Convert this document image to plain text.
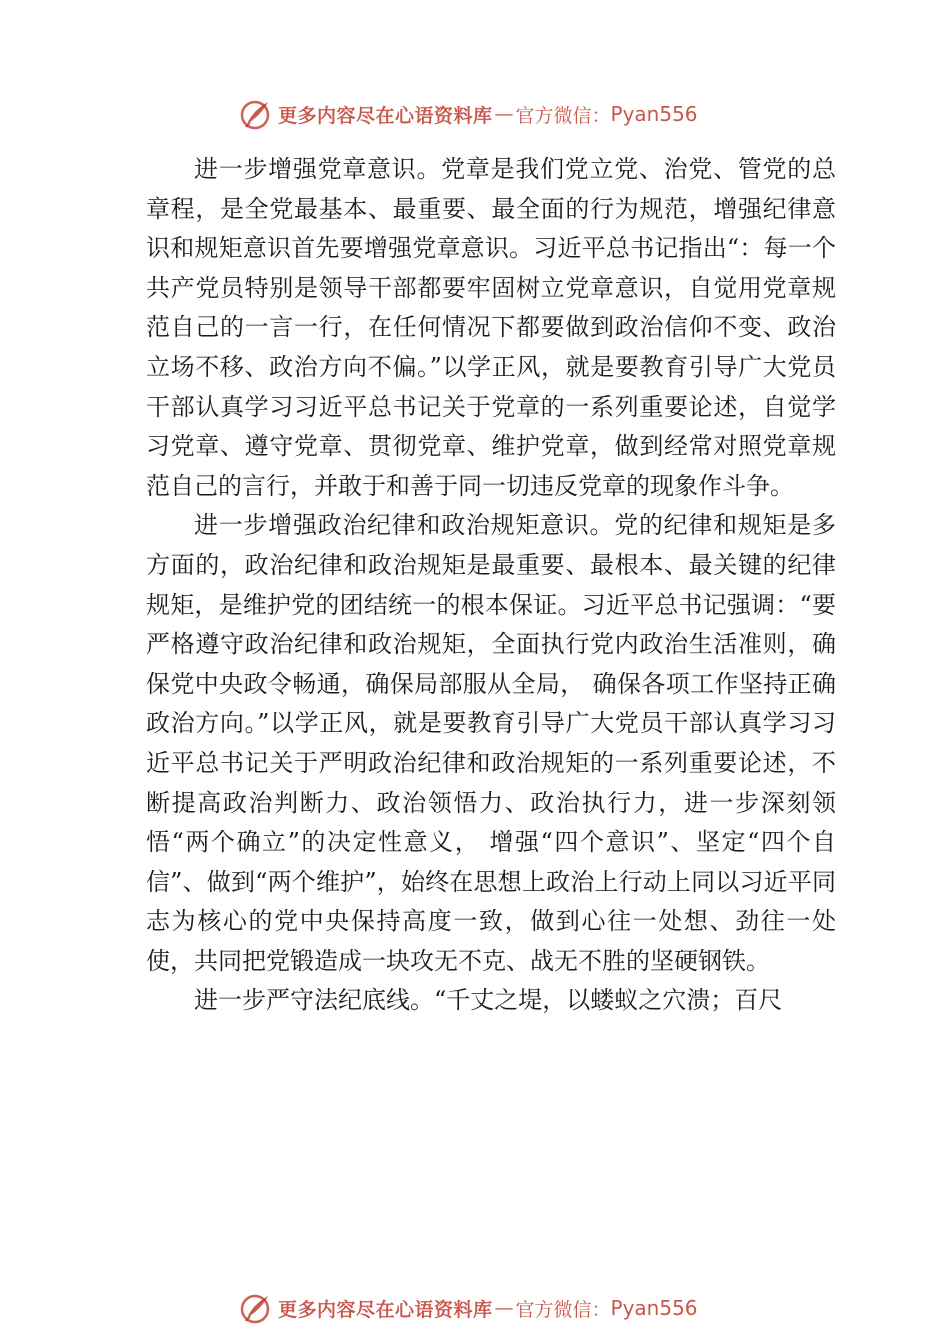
更多内容尽在心语资料库 — 官方微信： Pyan556

进一步增强党章意识。党章是我们党立党、治党、管党的总章程，是全党最基本、最重要、最全面的行为规范，增强纪律意识和规矩意识首先要增强党章意识。习近平总书记指出“：每一个共产党员特别是领导干部都要牢固树立党章意识，自觉用党章规范自己的一言一行，在任何情况下都要做到政治信仰不变、政治立场不移、政治方向不偏。”以学正风，就是要教育引导广大党员干部认真学习习近平总书记关于党章的一系列重要论述，自觉学习党章、遵守党章、贯彻党章、维护党章，做到经常对照党章规范自己的言行，并敢于和善于同一切违反党章的现象作斗争。

进一步增强政治纪律和政治规矩意识。党的纪律和规矩是多方面的，政治纪律和政治规矩是最重要、最根本、最关键的纪律规矩，是维护党的团结统一的根本保证。习近平总书记强调：“要严格遵守政治纪律和政治规矩，全面执行党内政治生活准则，确保党中央政令畅通，确保局部服从全局， 确保各项工作坚持正确政治方向。”以学正风，就是要教育引导广大党员干部认真学习习近平总书记关于严明政治纪律和政治规矩的一系列重要论述，不断提高政治判断力、政治领悟力、政治执行力，进一步深刻领悟“两个确立”的决定性意义， 增强“四个意识”、坚定“四个自信”、做到“两个维护”，始终在思想上政治上行动上同以习近平同志为核心的党中央保持高度一致，做到心往一处想、劲往一处使，共同把党锻造成一块攻无不克、战无不胜的坚硬钢铁。

进一步严守法纪底线。“千丈之堤，以蝼蚁之穴溃；百尺

更多内容尽在心语资料库 — 官方微信： Pyan556
